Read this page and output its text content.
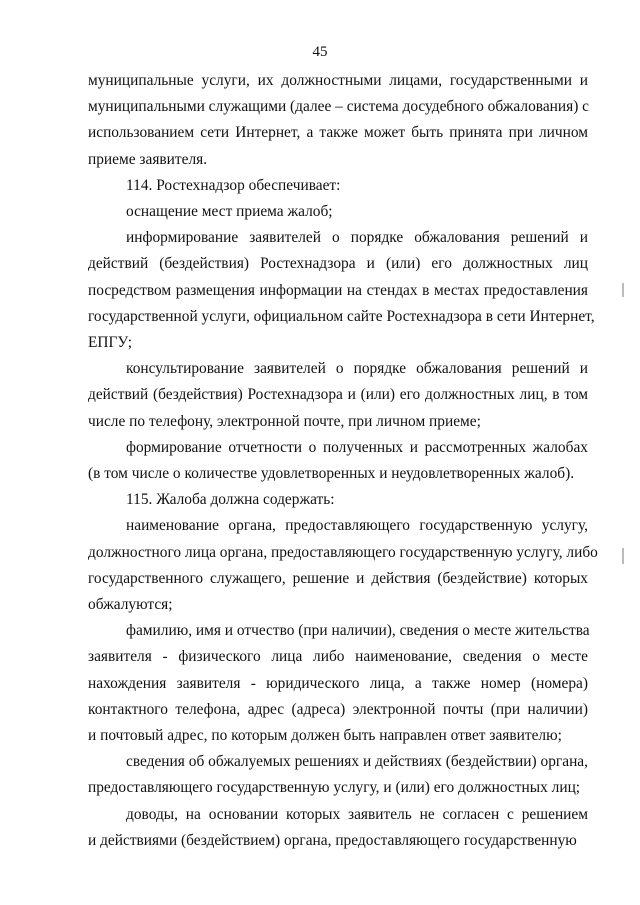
45
муниципальные услуги, их должностными лицами, государственными и
муниципальными служащими (далее – система досудебного обжалования) с
использованием сети Интернет, а также может быть принята при личном
приеме заявителя.
114. Ростехнадзор обеспечивает:
оснащение мест приема жалоб;
информирование заявителей о порядке обжалования решений и
действий (бездействия) Ростехнадзора и (или) его должностных лиц
посредством размещения информации на стендах в местах предоставления
государственной услуги, официальном сайте Ростехнадзора в сети Интернет,
ЕПГУ;
консультирование заявителей о порядке обжалования решений и
действий (бездействия) Ростехнадзора и (или) его должностных лиц, в том
числе по телефону, электронной почте, при личном приеме;
формирование отчетности о полученных и рассмотренных жалобах
(в том числе о количестве удовлетворенных и неудовлетворенных жалоб).
115. Жалоба должна содержать:
наименование органа, предоставляющего государственную услугу,
должностного лица органа, предоставляющего государственную услугу, либо
государственного служащего, решение и действия (бездействие) которых
обжалуются;
фамилию, имя и отчество (при наличии), сведения о месте жительства
заявителя - физического лица либо наименование, сведения о месте
нахождения заявителя - юридического лица, а также номер (номера)
контактного телефона, адрес (адреса) электронной почты (при наличии)
и почтовый адрес, по которым должен быть направлен ответ заявителю;
сведения об обжалуемых решениях и действиях (бездействии) органа,
предоставляющего государственную услугу, и (или) его должностных лиц;
доводы, на основании которых заявитель не согласен с решением
и действиями (бездействием) органа, предоставляющего государственную
